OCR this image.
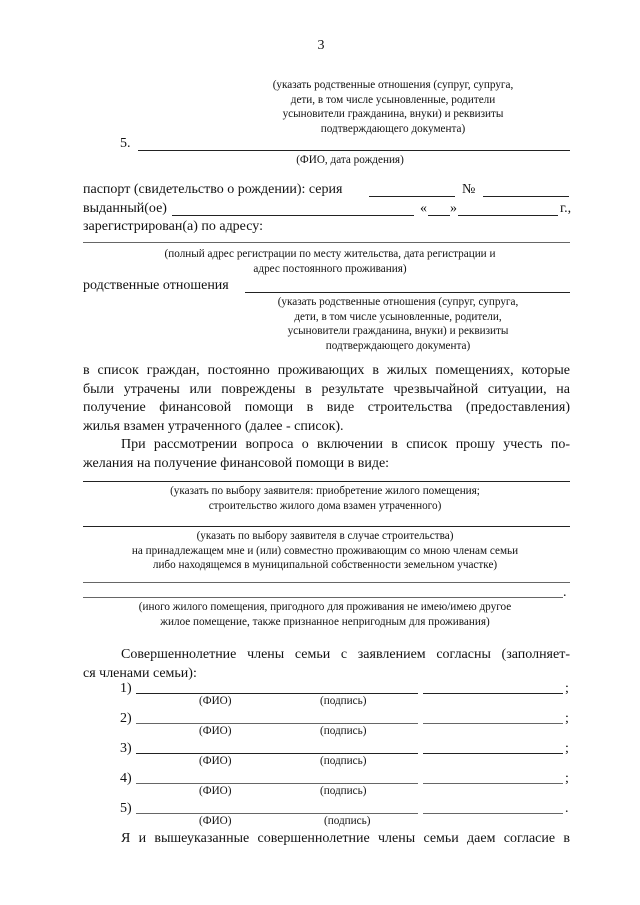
3
(указать родственные отношения (супруг, супруга,
дети, в том числе усыновленные, родители
усыновители гражданина, внуки) и реквизиты
подтверждающего документа)
5.
(ФИО, дата рождения)
паспорт (свидетельство о рождении): серия	№
выданный(ое)	« »	г.,
зарегистрирован(а) по адресу:
(полный адрес регистрации по месту жительства, дата регистрации и
адрес постоянного проживания)
родственные отношения
(указать родственные отношения (супруг, супруга,
дети, в том числе усыновленные, родители,
усыновители гражданина, внуки) и реквизиты
подтверждающего документа)
в список граждан, постоянно проживающих в жилых помещениях, которые
были утрачены или повреждены в результате чрезвычайной ситуации, на
получение финансовой помощи в виде строительства (предоставления)
жилья взамен утраченного (далее - список).
При рассмотрении вопроса о включении в список прошу учесть по-
желания на получение финансовой помощи в виде:
(указать по выбору заявителя: приобретение жилого помещения;
строительство жилого дома взамен утраченного)
(указать по выбору заявителя в случае строительства)
на принадлежащем мне и (или) совместно проживающим со мною членам семьи
либо находящемся в муниципальной собственности земельном участке)
.
(иного жилого помещения, пригодного для проживания не имею/имею другое
жилое помещение, также признанное непригодным для проживания)
Совершеннолетние члены семьи с заявлением согласны (заполняет-
ся членами семьи):
1)	;
(ФИО)	(подпись)
2)	;
(ФИО)	(подпись)
3)	;
(ФИО)	(подпись)
4)	;
(ФИО)	(подпись)
5)	.
(ФИО)	(подпись)
Я и вышеуказанные совершеннолетние члены семьи даем согласие в
